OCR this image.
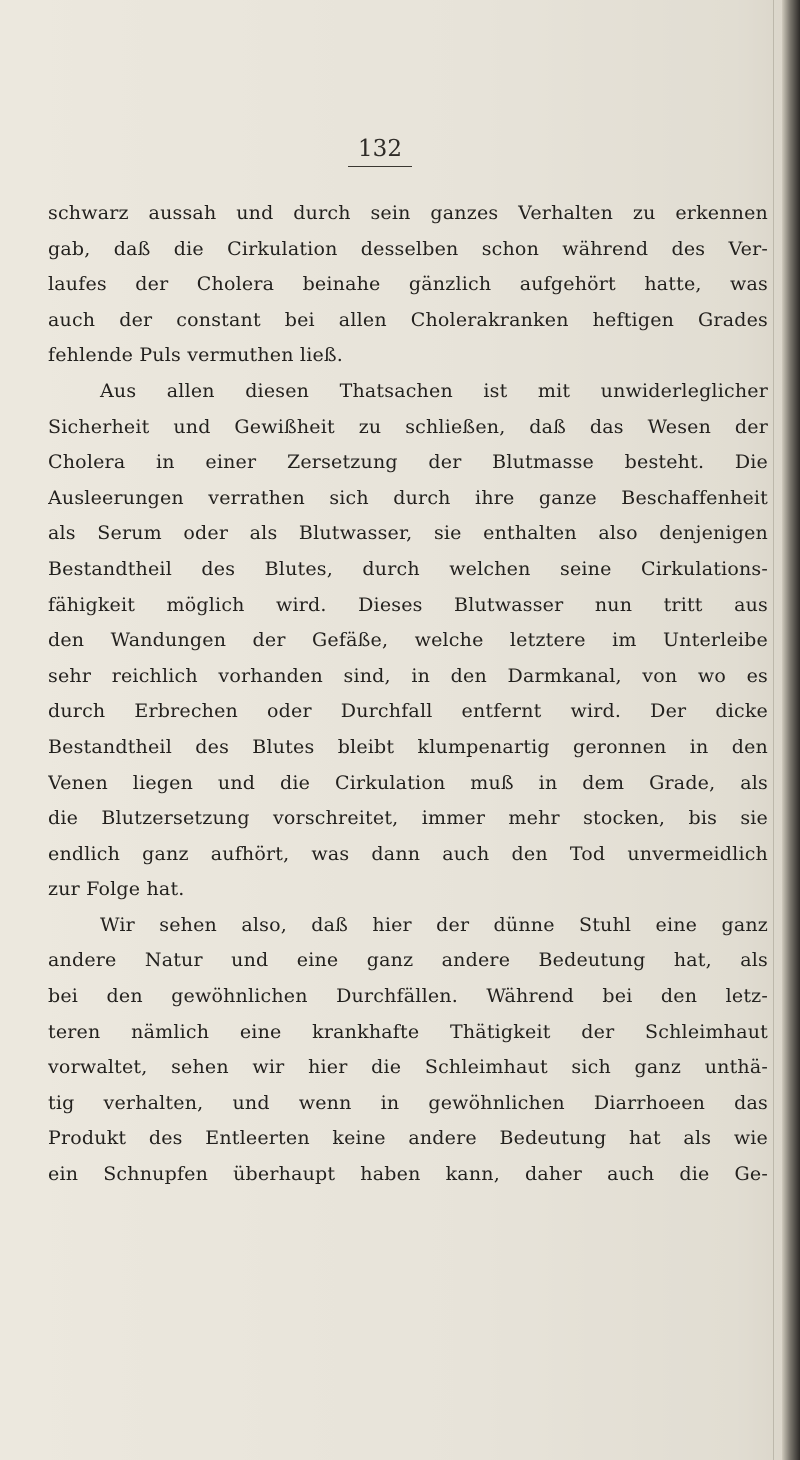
132
schwarz aussah und durch sein ganzes Verhalten zu erkennen
gab, daß die Cirkulation desselben schon während des Ver-
laufes der Cholera beinahe gänzlich aufgehört hatte, was
auch der constant bei allen Cholerakranken heftigen Grades
fehlende Puls vermuthen ließ.
Aus allen diesen Thatsachen ist mit unwiderleglicher
Sicherheit und Gewißheit zu schließen, daß das Wesen der
Cholera in einer Zersetzung der Blutmasse besteht. Die
Ausleerungen verrathen sich durch ihre ganze Beschaffenheit
als Serum oder als Blutwasser, sie enthalten also denjenigen
Bestandtheil des Blutes, durch welchen seine Cirkulations-
fähigkeit möglich wird. Dieses Blutwasser nun tritt aus
den Wandungen der Gefäße, welche letztere im Unterleibe
sehr reichlich vorhanden sind, in den Darmkanal, von wo es
durch Erbrechen oder Durchfall entfernt wird. Der dicke
Bestandtheil des Blutes bleibt klumpenartig geronnen in den
Venen liegen und die Cirkulation muß in dem Grade, als
die Blutzersetzung vorschreitet, immer mehr stocken, bis sie
endlich ganz aufhört, was dann auch den Tod unvermeidlich
zur Folge hat.
Wir sehen also, daß hier der dünne Stuhl eine ganz
andere Natur und eine ganz andere Bedeutung hat, als
bei den gewöhnlichen Durchfällen. Während bei den letz-
teren nämlich eine krankhafte Thätigkeit der Schleimhaut
vorwaltet, sehen wir hier die Schleimhaut sich ganz unthä-
tig verhalten, und wenn in gewöhnlichen Diarrhoeen das
Produkt des Entleerten keine andere Bedeutung hat als wie
ein Schnupfen überhaupt haben kann, daher auch die Ge-
